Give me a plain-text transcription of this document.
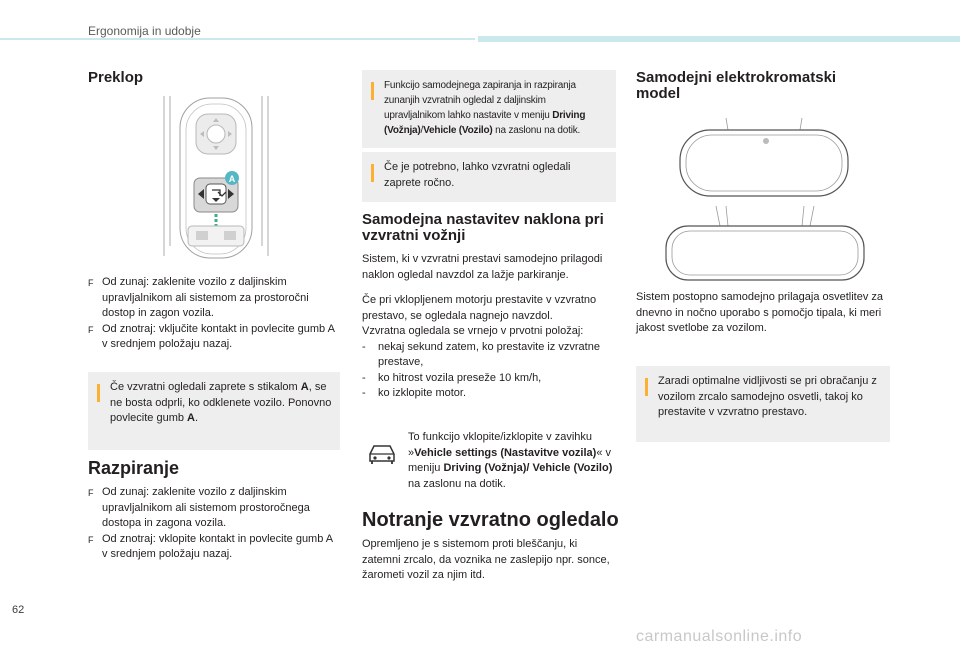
Ergonomija in udobje
Preklop
A
F Od zunaj: zaklenite vozilo z daljinskim upravljalnikom ali sistemom za prostoročni dostop in zagon vozila.
F Od znotraj: vključite kontakt in povlecite gumb A v srednjem položaju nazaj.
Če vzvratni ogledali zaprete s stikalom A, se ne bosta odprli, ko odklenete vozilo. Ponovno povlecite gumb A.
Razpiranje
F Od zunaj: zaklenite vozilo z daljinskim upravljalnikom ali sistemom prostoročnega dostopa in zagona vozila.
F Od znotraj: vklopite kontakt in povlecite gumb A v srednjem položaju nazaj.
Funkcijo samodejnega zapiranja in razpiranja zunanjih vzvratnih ogledal z daljinskim upravljalnikom lahko nastavite v meniju Driving (Vožnja)/Vehicle (Vozilo) na zaslonu na dotik.
Če je potrebno, lahko vzvratni ogledali zaprete ročno.
Samodejna nastavitev naklona pri vzvratni vožnji

Sistem, ki v vzvratni prestavi samodejno prilagodi naklon ogledal navzdol za lažje parkiranje.

Če pri vklopljenem motorju prestavite v vzvratno prestavo, se ogledala nagnejo navzdol.

Vzvratna ogledala se vrnejo v prvotni položaj:

-	nekaj sekund zatem, ko prestavite iz vzvratne prestave,
-	ko hitrost vozila preseže 10 km/h,
-	ko izklopite motor.
To funkcijo vklopite/izklopite v zavihku »Vehicle settings (Nastavitve vozila)« v meniju Driving (Vožnja)/ Vehicle (Vozilo) na zaslonu na dotik.
Notranje vzvratno ogledalo

Opremljeno je s sistemom proti bleščanju, ki zatemni zrcalo, da voznika ne zaslepijo npr. sonce, žarometi vozil za njim itd.

Samodejni elektrokromatski model

Sistem postopno samodejno prilagaja osvetlitev za dnevno in nočno uporabo s pomočjo tipala, ki meri jakost svetlobe za vozilom.

Zaradi optimalne vidljivosti se pri obračanju z vozilom zrcalo samodejno osvetli, takoj ko prestavite v vzvratno prestavo.
62
carmanualsonline.info
